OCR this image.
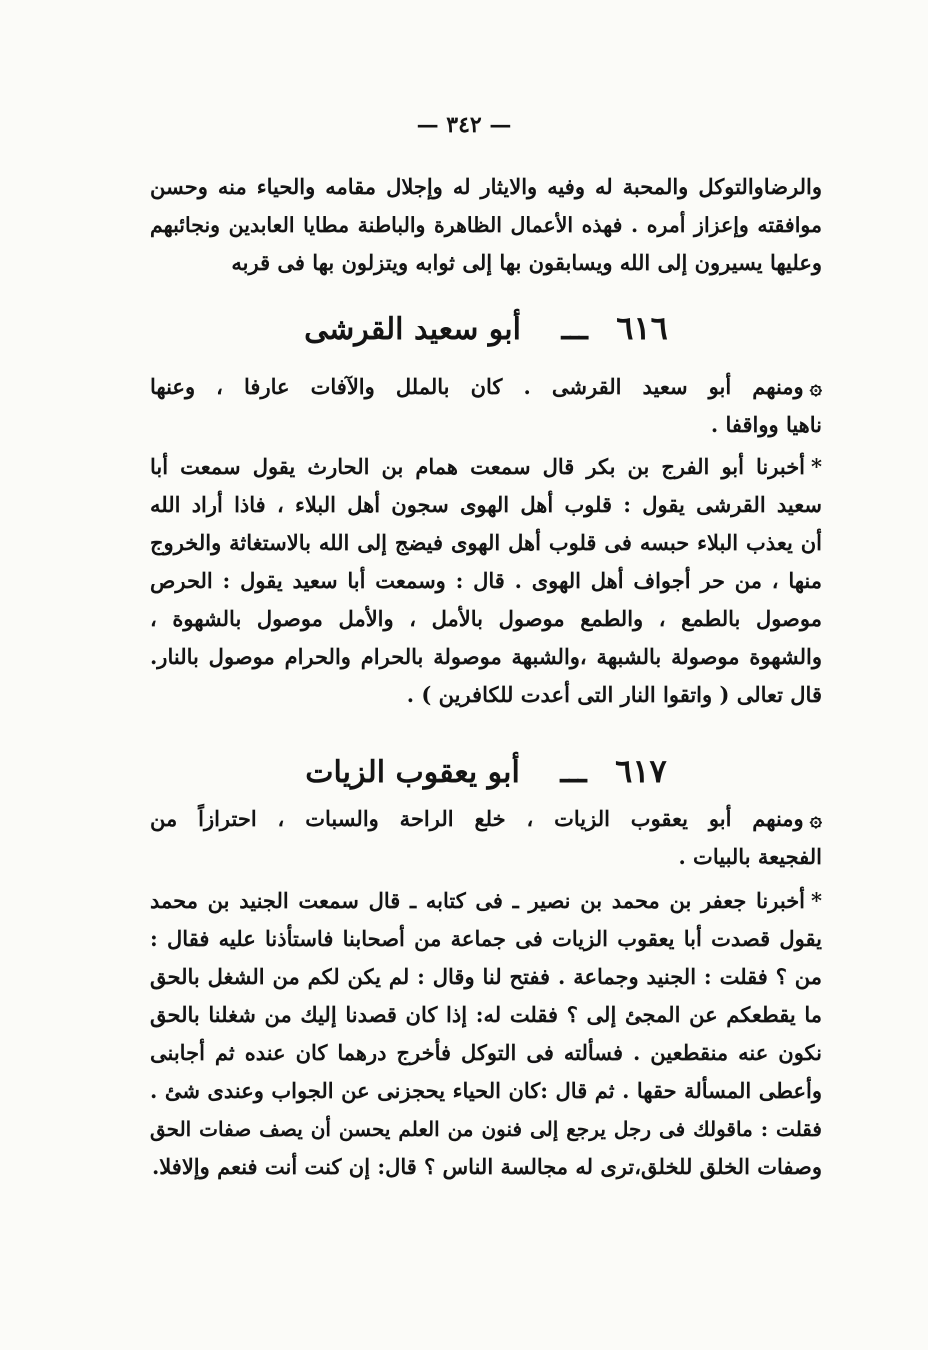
— ٣٤٢ —
والرضاوالتوكل والمحبة له وفيه والايثار له وإجلال مقامه والحياء منه وحسن
موافقته وإعزاز أمره . فهذه الأعمال الظاهرة والباطنة مطايا العابدين ونجائبهم
وعليها يسيرون إلى الله ويسابقون بها إلى ثوابه ويتزلون بها فى قربه
٦١٦ ـــ أبو سعيد القرشى
۞ومنهم أبو سعيد القرشى . كان بالملل والآفات عارفا ، وعنها
ناهيا وواقفا .
*أخبرنا أبو الفرج بن بكر قال سمعت همام بن الحارث يقول سمعت أبا
سعيد القرشى يقول : قلوب أهل الهوى سجون أهل البلاء ، فاذا أراد الله
أن يعذب البلاء حبسه فى قلوب أهل الهوى فيضج إلى الله بالاستغاثة والخروج
منها ، من حر أجواف أهل الهوى . قال : وسمعت أبا سعيد يقول : الحرص
موصول بالطمع ، والطمع موصول بالأمل ، والأمل موصول بالشهوة ،
والشهوة موصولة بالشبهة ،والشبهة موصولة بالحرام والحرام موصول بالنار.
قال تعالى ( واتقوا النار التى أعدت للكافرين ) .
٦١٧ ـــ أبو يعقوب الزيات
۞ومنهم أبو يعقوب الزيات ، خلع الراحة والسبات ، احترازاً من
الفجيعة بالبيات .
*أخبرنا جعفر بن محمد بن نصير ـ فى كتابه ـ قال سمعت الجنيد بن محمد
يقول قصدت أبا يعقوب الزيات فى جماعة من أصحابنا فاستأذنا عليه فقال :
من ؟ فقلت : الجنيد وجماعة . ففتح لنا وقال : لم يكن لكم من الشغل بالحق
ما يقطعكم عن المجئ إلى ؟ فقلت له: إذا كان قصدنا إليك من شغلنا بالحق
نكون عنه منقطعين . فسألته فى التوكل فأخرج درهما كان عنده ثم أجابنى
وأعطى المسألة حقها . ثم قال :كان الحياء يحجزنى عن الجواب وعندى شئ .
فقلت : ماقولك فى رجل يرجع إلى فنون من العلم يحسن أن يصف صفات الحق
وصفات الخلق للخلق،ترى له مجالسة الناس ؟ قال: إن كنت أنت فنعم وإلافلا.
